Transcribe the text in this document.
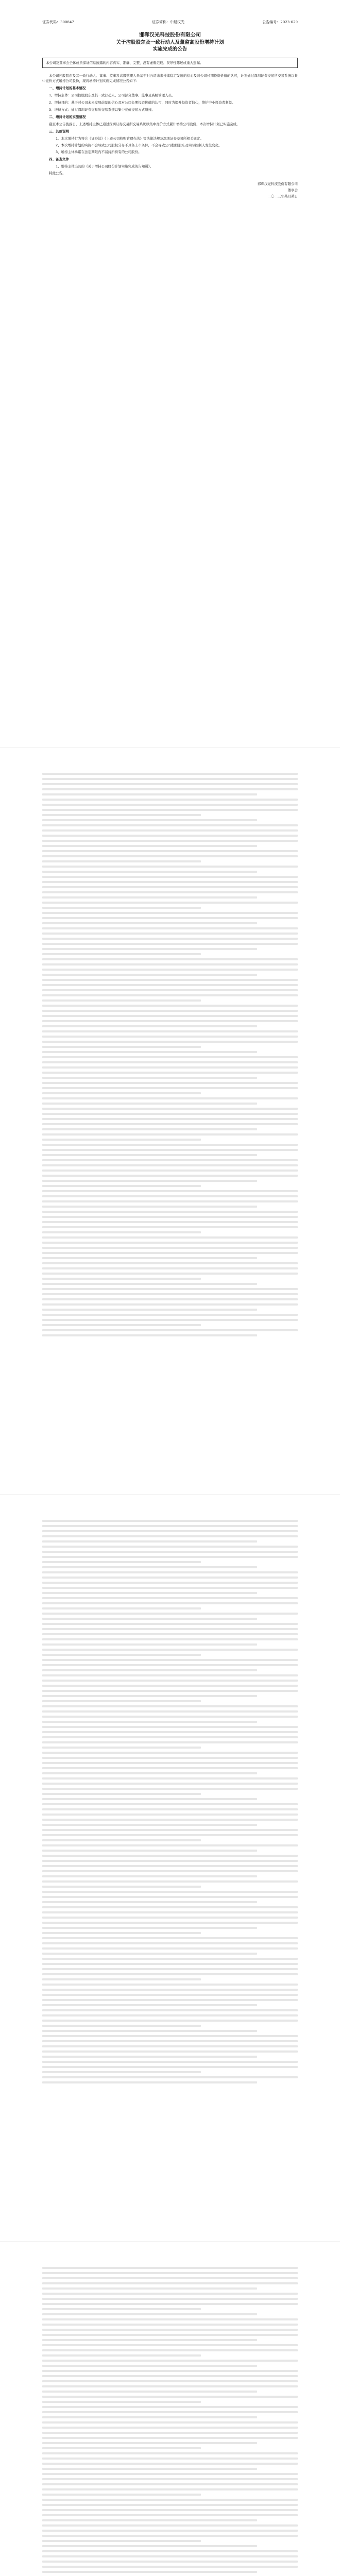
证券代码：300847	证券简称：中船汉光	公告编号：2023-029
邯郸汉光科技股份有限公司
关于控股股东及一致行动人及董监高股份增持计划
实施完成的公告
本公司及董事会全体成员保证信息披露的内容真实、准确、完整，没有虚假记载、误导性陈述或重大遗漏。

本公司控股股东及其一致行动人、董事、监事及高级管理人员基于对公司未来持续稳定发展的信心及对公司长期投资价值的认可，计划通过深圳证券交易所交易系统以集中竞价方式增持公司股份，现将增持计划实施完成情况公告如下：

一、增持计划的基本情况

1、增持主体：公司控股股东及其一致行动人、公司部分董事、监事及高级管理人员。

2、增持目的：基于对公司未来发展前景的信心及对公司长期投资价值的认可，同时为提升投资者信心，维护中小投资者利益。

3、增持方式：通过深圳证券交易所交易系统以集中竞价交易方式增持。

二、增持计划的实施情况

截至本公告披露日，上述增持主体已通过深圳证券交易所交易系统以集中竞价方式累计增持公司股份，本次增持计划已实施完成。

三、其他说明

1、本次增持行为符合《证券法》《上市公司收购管理办法》等法律法规及深圳证券交易所相关规定。

2、本次增持计划的实施不会导致公司股权分布不具备上市条件，不会导致公司控股股东及实际控制人发生变化。

3、增持主体承诺在法定期限内不减持所持有的公司股份。

四、备查文件

1、增持主体出具的《关于增持公司股份计划实施完成的告知函》。

特此公告。

邯郸汉光科技股份有限公司
董事会
二〇二三年某月某日
